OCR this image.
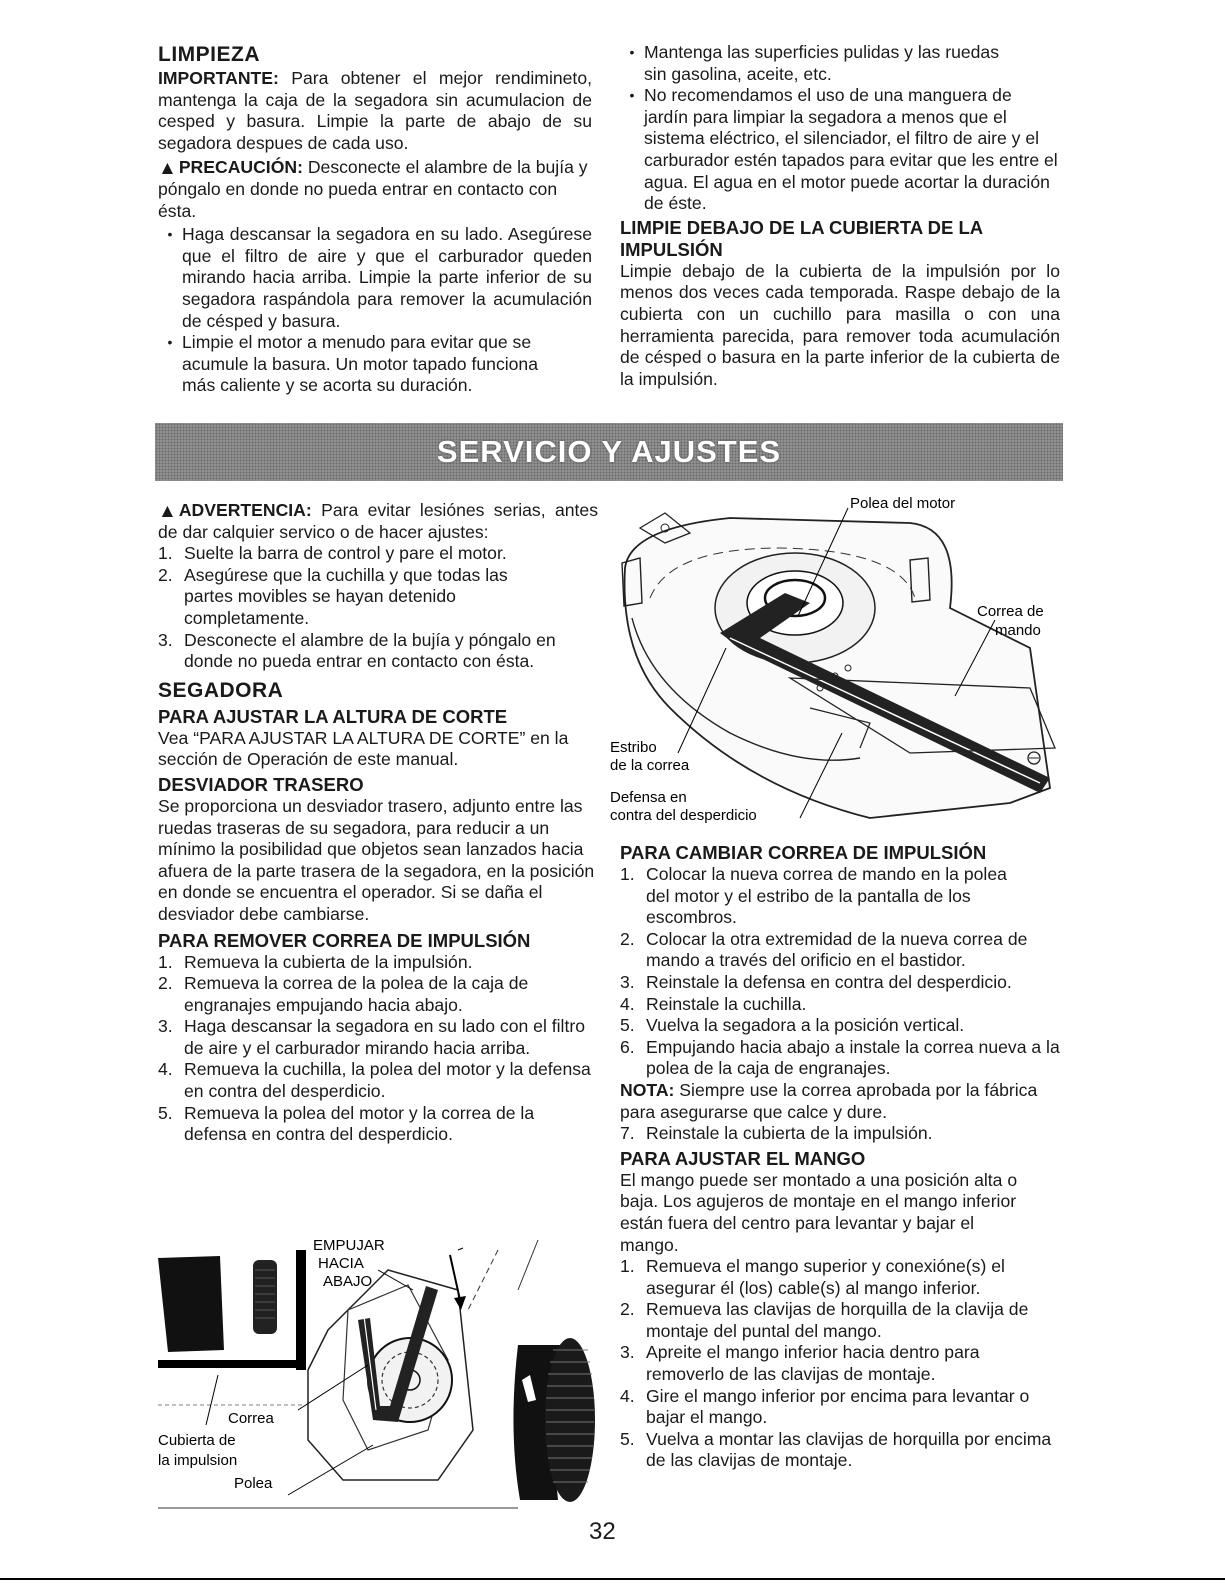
LIMPIEZA

IMPORTANTE: Para obtener el mejor rendimineto, mantenga la caja de la segadora sin acumulacion de cesped y basura. Limpie la parte de abajo de su segadora despues de cada uso.

▲ PRECAUCIÓN: Desconecte el alambre de la bujía y póngalo en donde no pueda entrar en contacto con ésta.

• Haga descansar la segadora en su lado. Asegúrese que el filtro de aire y que el carburador queden mirando hacia arriba. Limpie la parte inferior de su segadora raspándola para remover la acumulación de césped y basura.
• Limpie el motor a menudo para evitar que se acumule la basura. Un motor tapado funciona más caliente y se acorta su duración.
• Mantenga las superficies pulidas y las ruedas sin gasolina, aceite, etc.
• No recomendamos el uso de una manguera de jardín para limpiar la segadora a menos que el sistema eléctrico, el silenciador, el filtro de aire y el carburador estén tapados para evitar que les entre el agua. El agua en el motor puede acortar la duración de éste.
LIMPIE DEBAJO DE LA CUBIERTA DE LA IMPULSIÓN

Limpie debajo de la cubierta de la impulsión por lo menos dos veces cada temporada. Raspe debajo de la cubierta con un cuchillo para masilla o con una herramienta parecida, para remover toda acumulación de césped o basura en la parte inferior de la cubierta de la impulsión.

SERVICIO Y AJUSTES

▲ ADVERTENCIA: Para evitar lesiónes serias, antes de dar calquier servico o de hacer ajustes:

1. Suelte la barra de control y pare el motor.
2. Asegúrese que la cuchilla y que todas las partes movibles se hayan detenido completamente.
3. Desconecte el alambre de la bujía y póngalo en donde no pueda entrar en contacto con ésta.
SEGADORA
PARA AJUSTAR LA ALTURA DE CORTE

Vea “PARA AJUSTAR LA ALTURA DE CORTE” en la sección de Operación de este manual.

DESVIADOR TRASERO

Se proporciona un desviador trasero, adjunto entre las ruedas traseras de su segadora, para reducir a un mínimo la posibilidad que objetos sean lanzados hacia afuera de la parte trasera de la segadora, en la posición en donde se encuentra el operador. Si se daña el desviador debe cambiarse.

PARA REMOVER CORREA DE IMPULSIÓN
1. Remueva la cubierta de la impulsión.
2. Remueva la correa de la polea de la caja de engranajes empujando hacia abajo.
3. Haga descansar la segadora en su lado con el filtro de aire y el carburador mirando hacia arriba.
4. Remueva la cuchilla, la polea del motor y la defensa en contra del desperdicio.
5. Remueva la polea del motor y la correa de la defensa en contra del desperdicio.
EMPUJAR
HACIA
ABAJO
Correa
Cubierta de
la impulsion
Polea
Polea del motor
Correa de
mando
Estribo
de la correa
Defensa en
contra del desperdicio
PARA CAMBIAR CORREA DE IMPULSIÓN
1. Colocar la nueva correa de mando en la polea del motor y el estribo de la pantalla de los escombros.
2. Colocar la otra extremidad de la nueva correa de mando a través del orificio en el bastidor.
3. Reinstale la defensa en contra del desperdicio.
4. Reinstale la cuchilla.
5. Vuelva la segadora a la posición vertical.
6. Empujando hacia abajo a instale la correa nueva a la polea de la caja de engranajes.

NOTA: Siempre use la correa aprobada por la fábrica para asegurarse que calce y dure.

7. Reinstale la cubierta de la impulsión.
PARA AJUSTAR EL MANGO

El mango puede ser montado a una posición alta o baja. Los agujeros de montaje en el mango inferior están fuera del centro para levantar y bajar el mango.

1. Remueva el mango superior y conexióne(s) el asegurar él (los) cable(s) al mango inferior.
2. Remueva las clavijas de horquilla de la clavija de montaje del puntal del mango.
3. Apreite el mango inferior hacia dentro para removerlo de las clavijas de montaje.
4. Gire el mango inferior por encima para levantar o bajar el mango.
5. Vuelva a montar las clavijas de horquilla por encima de las clavijas de montaje.
32
